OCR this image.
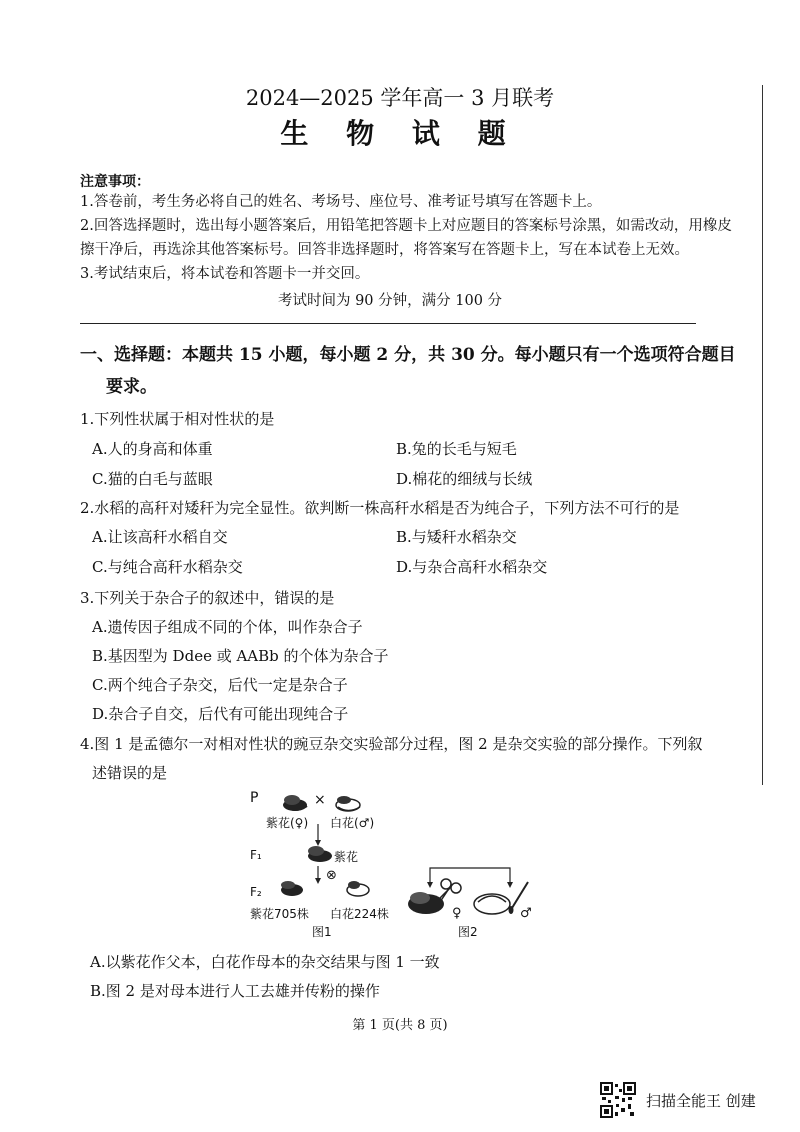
2024—2025 学年高一 3 月联考
生 物 试 题
注意事项：
1.答卷前，考生务必将自己的姓名、考场号、座位号、准考证号填写在答题卡上。
2.回答选择题时，选出每小题答案后，用铅笔把答题卡上对应题目的答案标号涂黑，如需改动，用橡皮
擦干净后，再选涂其他答案标号。回答非选择题时，将答案写在答题卡上，写在本试卷上无效。
3.考试结束后，将本试卷和答题卡一并交回。
考试时间为 90 分钟，满分 100 分
一、选择题：本题共 15 小题，每小题 2 分，共 30 分。每小题只有一个选项符合题目
要求。
1.下列性状属于相对性状的是
A.人的身高和体重	B.兔的长毛与短毛
C.猫的白毛与蓝眼	D.棉花的细绒与长绒
2.水稻的高秆对矮秆为完全显性。欲判断一株高秆水稻是否为纯合子，下列方法不可行的是
A.让该高秆水稻自交	B.与矮秆水稻杂交
C.与纯合高秆水稻杂交	D.与杂合高秆水稻杂交
3.下列关于杂合子的叙述中，错误的是
A.遗传因子组成不同的个体，叫作杂合子
B.基因型为 Ddee 或 AABb 的个体为杂合子
C.两个纯合子杂交，后代一定是杂合子
D.杂合子自交，后代有可能出现纯合子
4.图 1 是孟德尔一对相对性状的豌豆杂交实验部分过程，图 2 是杂交实验的部分操作。下列叙
述错误的是
P	×
紫花(♀) 白花(♂)
F₁	紫花
⊗
F₂
紫花705株 白花224株
图1
♀	♂
图2
A.以紫花作父本，白花作母本的杂交结果与图 1 一致
B.图 2 是对母本进行人工去雄并传粉的操作
第 1 页(共 8 页)
扫描全能王 创建
